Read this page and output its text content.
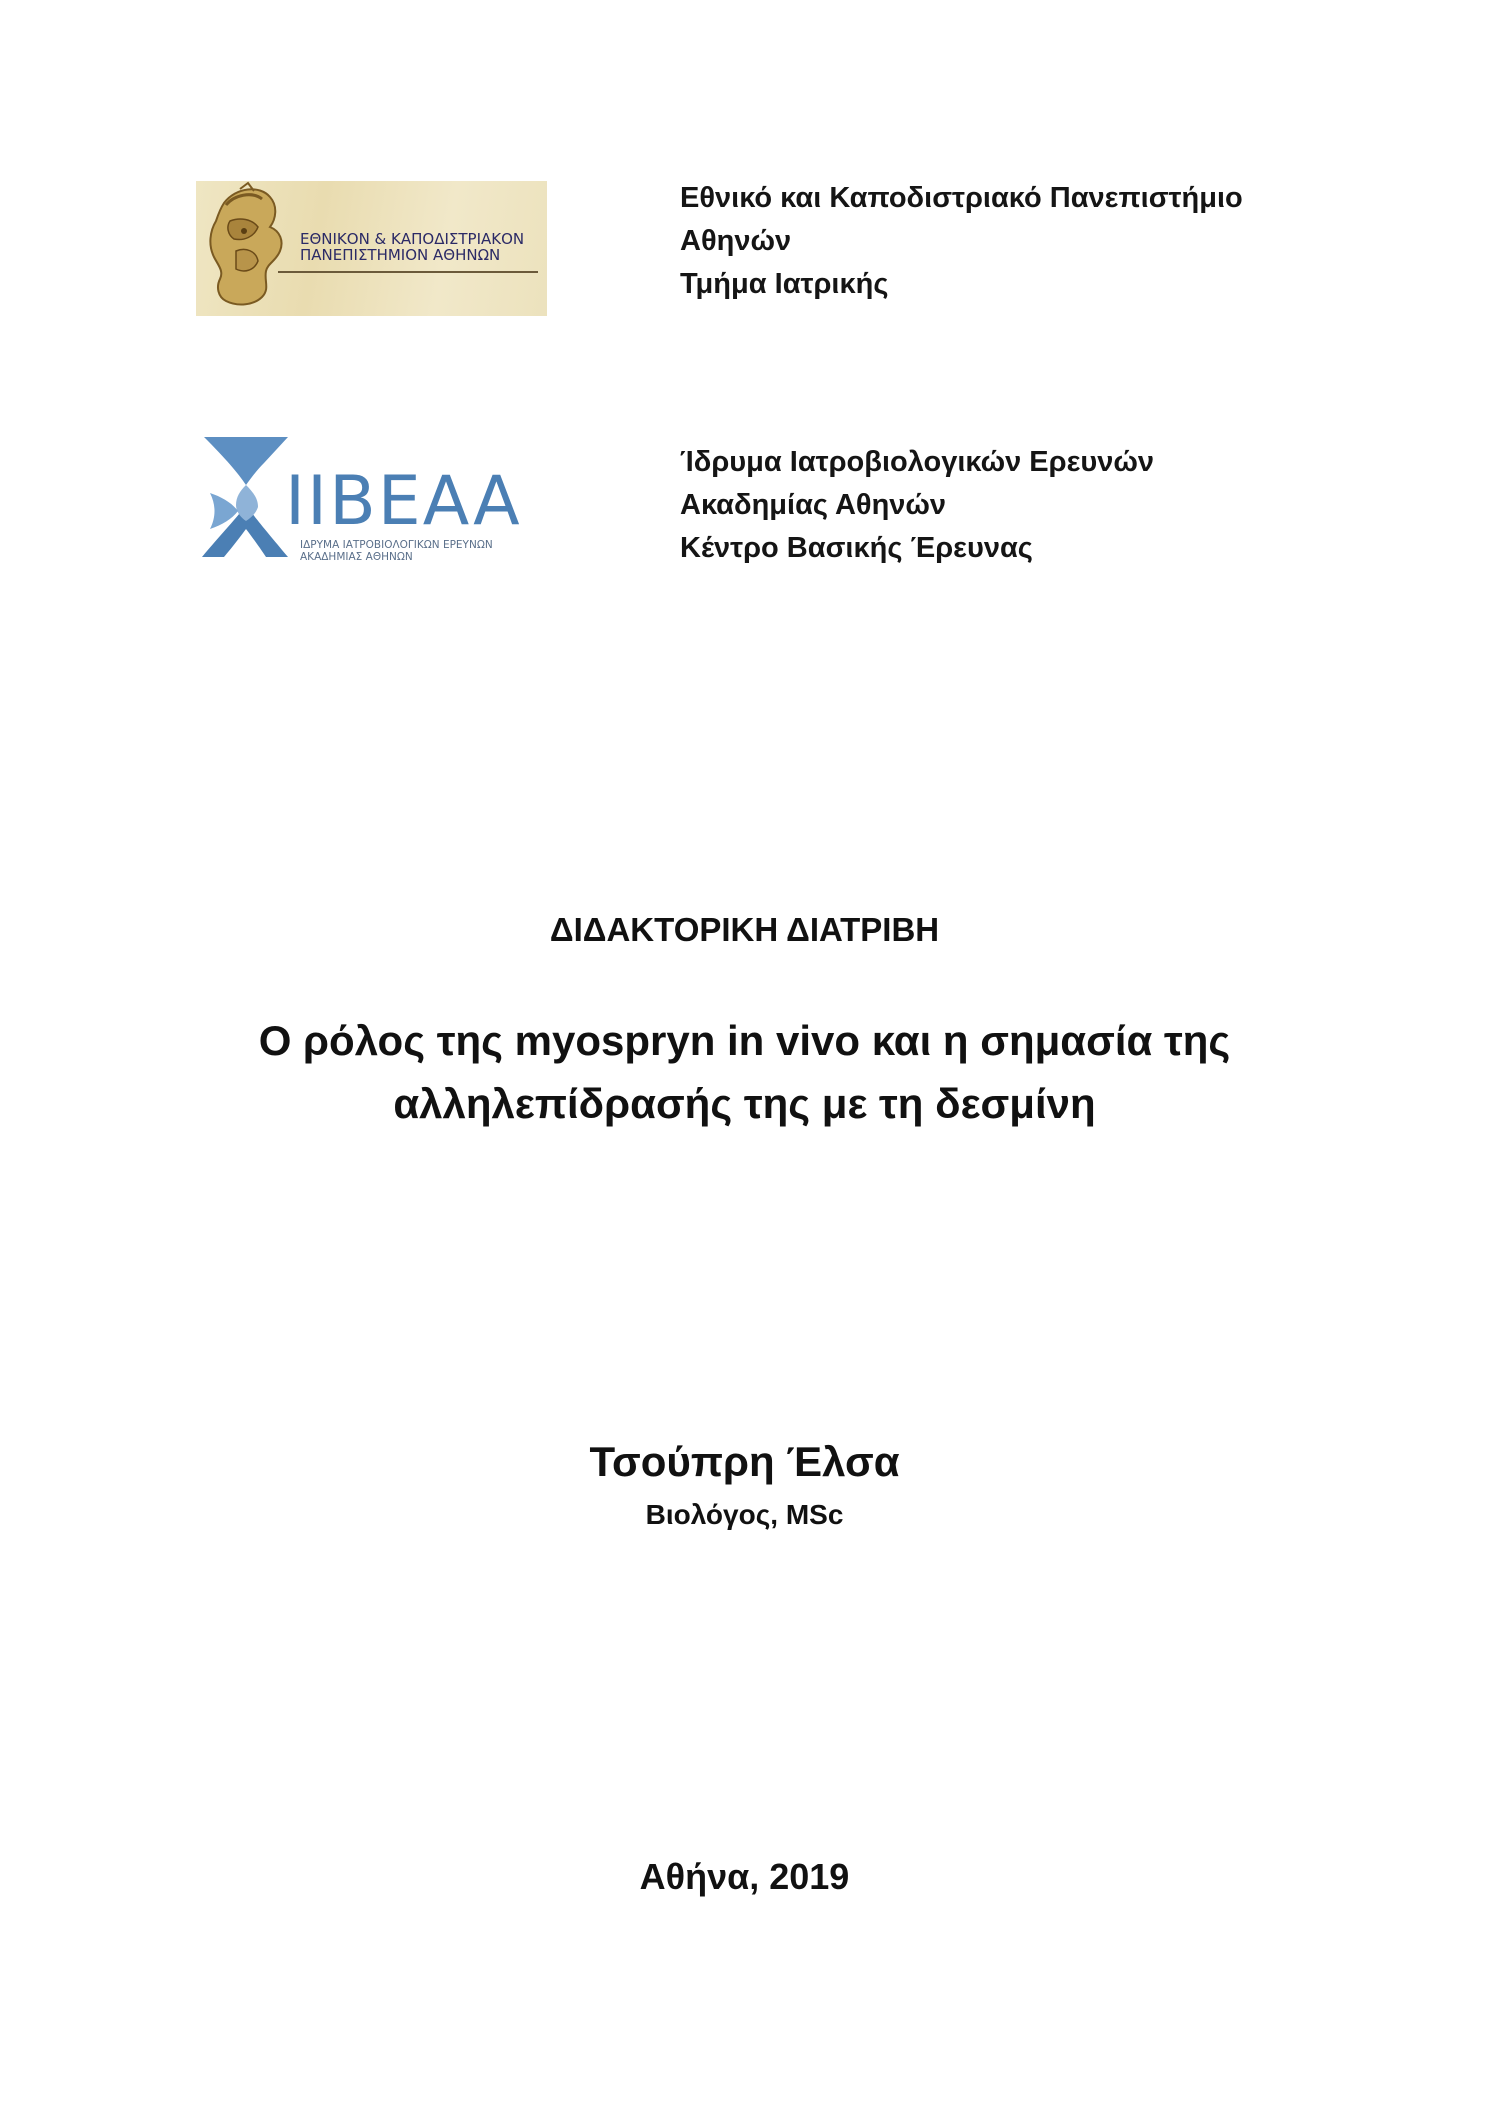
ΕΘΝΙΚΟΝ & ΚΑΠΟΔΙΣΤΡΙΑΚΟΝ
ΠΑΝΕΠΙΣΤΗΜΙΟΝ ΑΘΗΝΩΝ
Εθνικό και Καποδιστριακό Πανεπιστήμιο
Αθηνών
Τμήμα Ιατρικής
IIBEAA
ΙΔΡΥΜΑ ΙΑΤΡΟΒΙΟΛΟΓΙΚΩΝ ΕΡΕΥΝΩΝ
ΑΚΑΔΗΜΙΑΣ ΑΘΗΝΩΝ
Ίδρυμα Ιατροβιολογικών Ερευνών
Ακαδημίας Αθηνών
Κέντρο Βασικής Έρευνας
ΔΙΔΑΚΤΟΡΙΚΗ ΔΙΑΤΡΙΒΗ
Ο ρόλος της myospryn in vivo και η σημασία της
αλληλεπίδρασής της με τη δεσμίνη
Τσούπρη Έλσα
Βιολόγος, MSc
Αθήνα, 2019
